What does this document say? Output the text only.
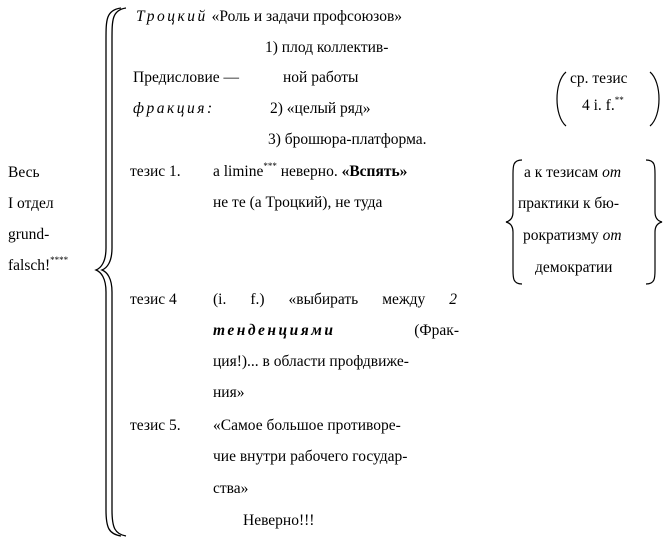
Весь
I отдел
grund-
falsch!****
Троцкий «Роль и задачи профсоюзов»
1) плод коллектив-
Предисловие —	ной работы
фракция:	2) «целый ряд»
3) брошюра-платформа.
ср. тезис
4 i. f.**
тезис 1. a limine*** неверно. «Вспять»
не те (а Троцкий), не туда
а к тезисам от
практики к бю-
рократизму от
демократии
тезис 4 (i. f.) «выбирать между 2
тенденциями	(Фрак-
ция!)... в области профдвиже-
ния»
тезис 5. «Самое большое противоре-
чие внутри рабочего государ-
ства»
Неверно!!!
